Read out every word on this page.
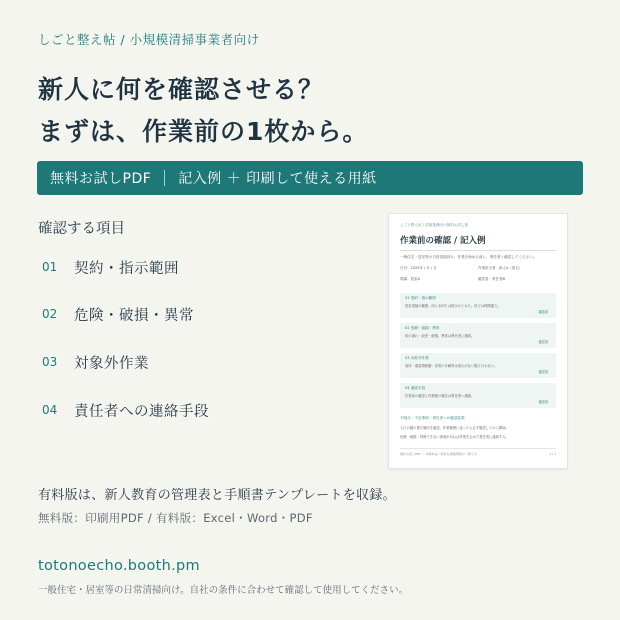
しごと整え帖 / 小規模清掃事業者向け
新人に何を確認させる？
まずは、作業前の1枚から。
無料お試しPDF 記入例 ＋ 印刷して使える用紙
確認する項目
01	契約・指示範囲
02	危険・破損・異常
03	対象外作業
04	責任者への連絡手段
しごと整え帖 / 清掃業務向け無料お試し版
作業前の確認 / 記入例
一般住宅・居室等の日常清掃向け。作業を始める前に、責任者と確認してください。
日付：2025年 / 月 / 日	作業担当者：新人A（仮名）
現場：居室A	確認者：責任者B
01 契約・指示範囲
居室清掃の範囲。床と水回りは指示のとおり。終了は時間通り。
確認済
02 危険・破損・異常
床の濡れ・段差・破損。異常は責任者に連絡。
確認済
03 対象外作業
高所・重量物移動・家電の分解等は指示がない限り行わない。
確認済
04 連絡手段
作業前の確認と作業後の報告は責任者へ連絡。
確認済
不明点・不足事項・責任者への確認結果
入口の鍵の置き場所を確認。作業範囲に迷ったら必ず確認してから開始。
危険・破損・判断できない事項があれば作業を止めて責任者に連絡する。
無料お試しPDF ｜ 本資料は一般的な清掃業務の一例です。	1 / 1
有料版は、新人教育の管理表と手順書テンプレートを収録。
無料版：印刷用PDF / 有料版：Excel・Word・PDF
totonoecho.booth.pm
一般住宅・居室等の日常清掃向け。自社の条件に合わせて確認して使用してください。
